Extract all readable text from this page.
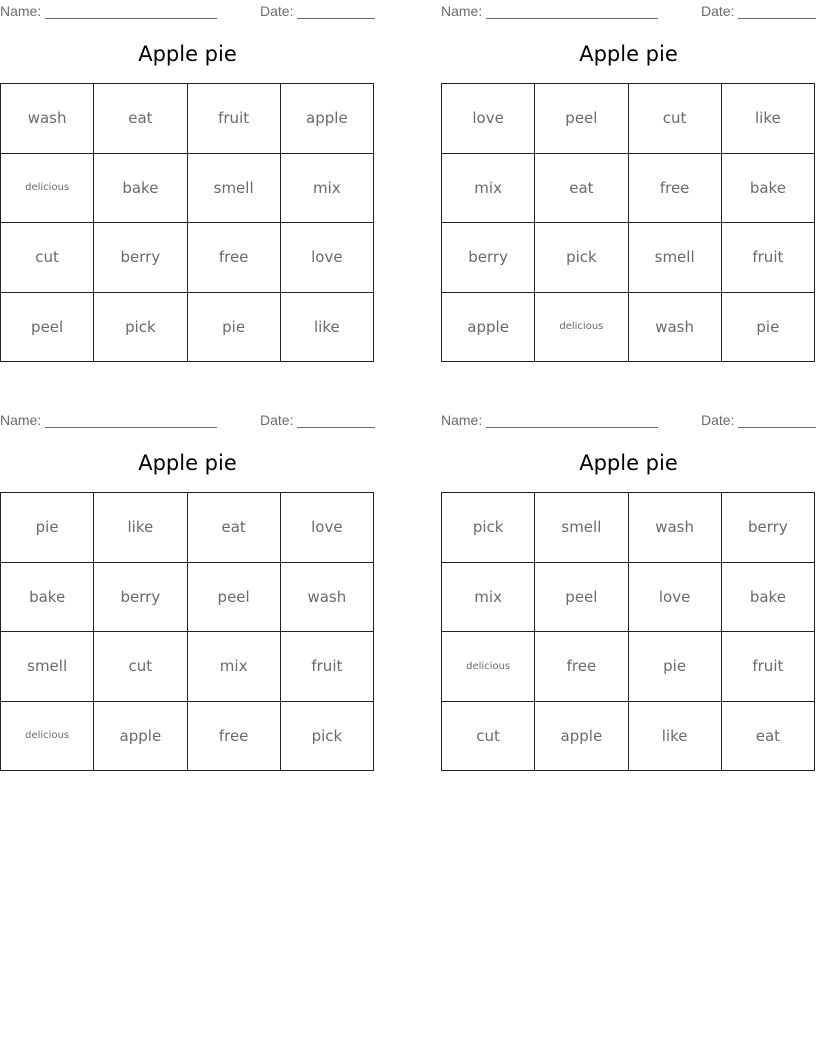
Name:	Date:
Apple pie
wash	eat	fruit	apple
delicious	bake	smell	mix
cut	berry	free	love
peel	pick	pie	like
Name:	Date:
Apple pie
love	peel	cut	like
mix	eat	free	bake
berry	pick	smell	fruit
apple	delicious	wash	pie
Name:	Date:
Apple pie
pie	like	eat	love
bake	berry	peel	wash
smell	cut	mix	fruit
delicious	apple	free	pick
Name:	Date:
Apple pie
pick	smell	wash	berry
mix	peel	love	bake
delicious	free	pie	fruit
cut	apple	like	eat
